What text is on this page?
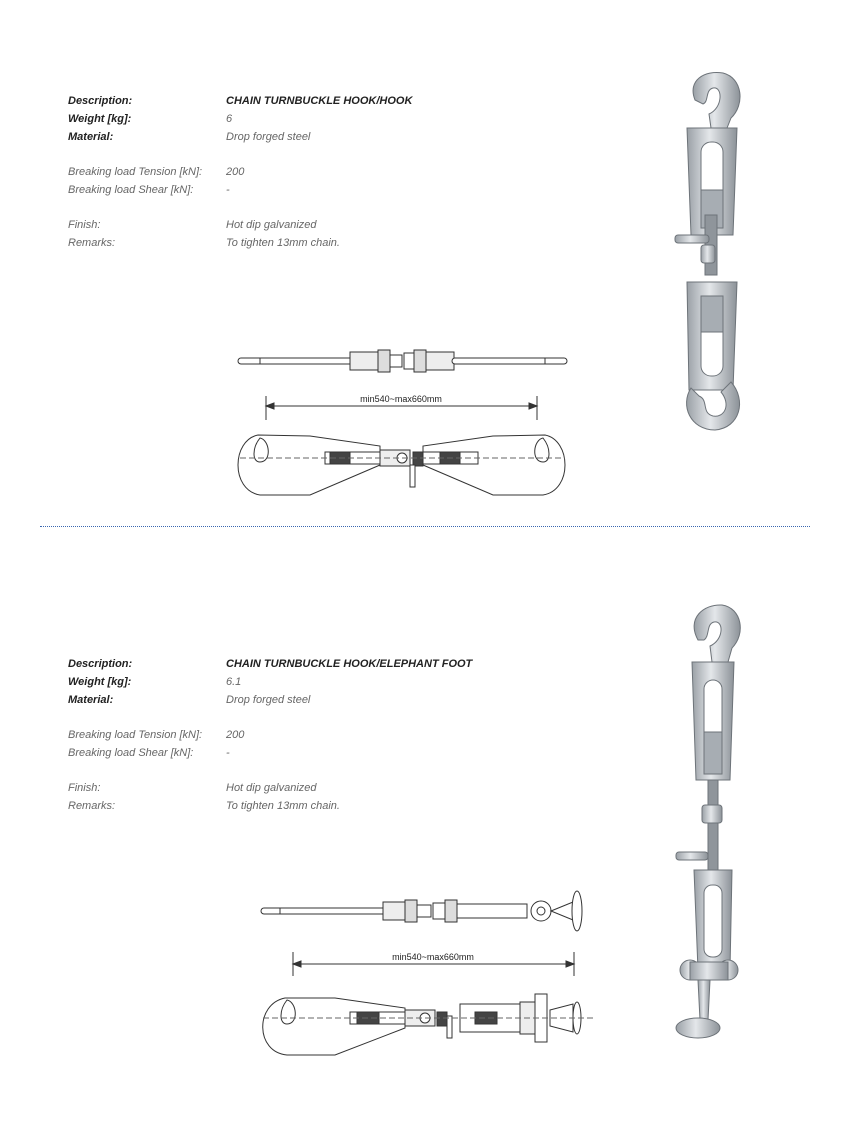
Description:	CHAIN TURNBUCKLE HOOK/HOOK
Weight [kg]:	6
Material:	Drop forged steel
Breaking load Tension [kN]:	200
Breaking load Shear [kN]:	-
Finish:	Hot dip galvanized
Remarks:	To tighten 13mm chain.
min540~max660mm
Description:	CHAIN TURNBUCKLE HOOK/ELEPHANT FOOT
Weight [kg]:	6.1
Material:	Drop forged steel
Breaking load Tension [kN]:	200
Breaking load Shear [kN]:	-
Finish:	Hot dip galvanized
Remarks:	To tighten 13mm chain.
min540~max660mm
